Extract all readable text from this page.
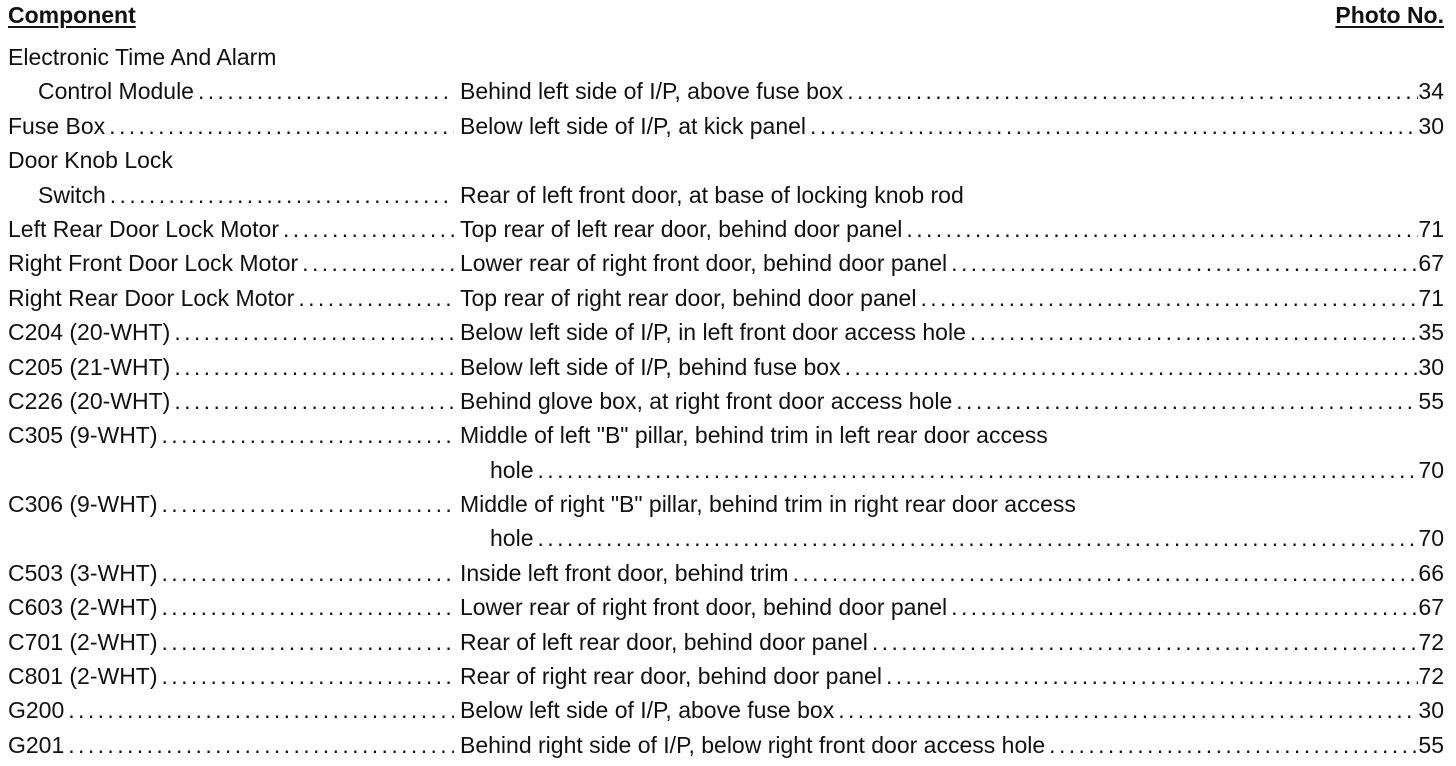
Component	Photo No.
Electronic Time And Alarm
Control Module .....	Behind left side of I/P, above fuse box .....	34
Fuse Box .....	Below left side of I/P, at kick panel .....	30
Door Knob Lock
Switch .....	Rear of left front door, at base of locking knob rod
Left Rear Door Lock Motor .....	Top rear of left rear door, behind door panel .....	71
Right Front Door Lock Motor .....	Lower rear of right front door, behind door panel .....	67
Right Rear Door Lock Motor .....	Top rear of right rear door, behind door panel .....	71
C204 (20-WHT) .....	Below left side of I/P, in left front door access hole .....	35
C205 (21-WHT) .....	Below left side of I/P, behind fuse box .....	30
C226 (20-WHT) .....	Behind glove box, at right front door access hole .....	55
C305 (9-WHT) .....	Middle of left "B" pillar, behind trim in left rear door access
hole .....	70
C306 (9-WHT) .....	Middle of right "B" pillar, behind trim in right rear door access
hole .....	70
C503 (3-WHT) .....	Inside left front door, behind trim .....	66
C603 (2-WHT) .....	Lower rear of right front door, behind door panel .....	67
C701 (2-WHT) .....	Rear of left rear door, behind door panel .....	72
C801 (2-WHT) .....	Rear of right rear door, behind door panel .....	72
G200 .....	Below left side of I/P, above fuse box .....	30
G201 .....	Behind right side of I/P, below right front door access hole .....	55
